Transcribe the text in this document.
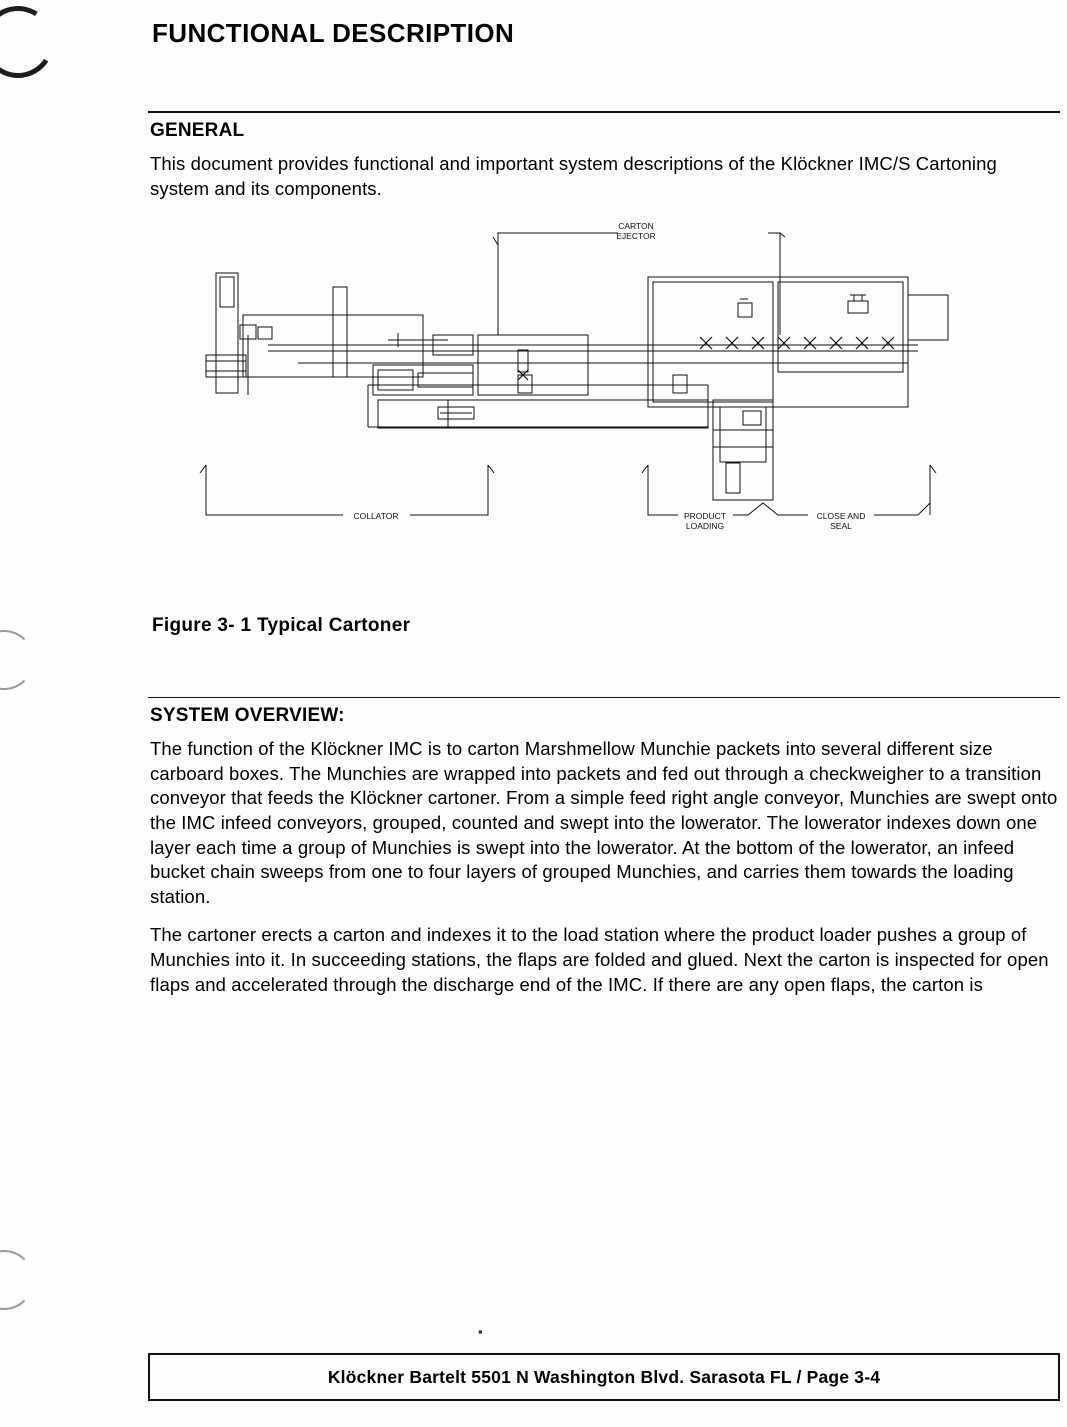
FUNCTIONAL DESCRIPTION
GENERAL

This document provides functional and important system descriptions of the Klöckner IMC/S Cartoning system and its components.

CARTON
EJECTOR
COLLATOR	PRODUCT
LOADING
CLOSE AND
SEAL
Figure 3- 1 Typical Cartoner
SYSTEM OVERVIEW:

The function of the Klöckner IMC is to carton Marshmellow Munchie packets into several different size carboard boxes. The Munchies are wrapped into packets and fed out through a checkweigher to a transition conveyor that feeds the Klöckner cartoner. From a simple feed right angle conveyor, Munchies are swept onto the IMC infeed conveyors, grouped, counted and swept into the lowerator. The lowerator indexes down one layer each time a group of Munchies is swept into the lowerator. At the bottom of the lowerator, an infeed bucket chain sweeps from one to four layers of grouped Munchies, and carries them towards the loading station.

The cartoner erects a carton and indexes it to the load station where the product loader pushes a group of Munchies into it. In succeeding stations, the flaps are folded and glued. Next the carton is inspected for open flaps and accelerated through the discharge end of the IMC. If there are any open flaps, the carton is

▪
Klöckner Bartelt 5501 N Washington Blvd. Sarasota FL / Page 3-4
